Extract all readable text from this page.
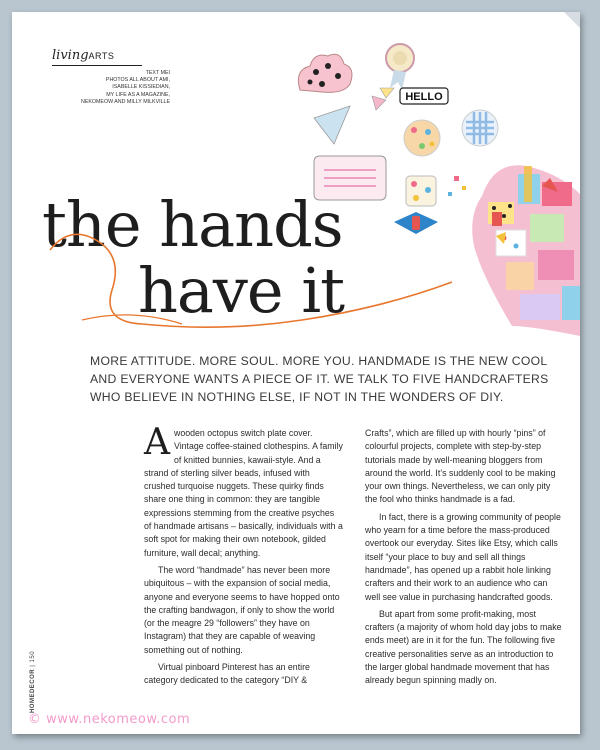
livingARTS
TEXT MEI
PHOTOS ALL ABOUT AMI,
ISABELLE KISSIEDIAN,
MY LIFE AS A MAGAZINE,
NEKOMEOW AND MILLY MILKVILLE	HELLO
the hands
have it
MORE ATTITUDE. MORE SOUL. MORE YOU. HANDMADE IS THE NEW COOL AND EVERYONE WANTS A PIECE OF IT. WE TALK TO FIVE HANDCRAFTERS WHO BELIEVE IN NOTHING ELSE, IF NOT IN THE WONDERS OF DIY.

Awooden octopus switch plate cover. Vintage coffee-stained clothespins. A family of knitted bunnies, kawaii-style. And a strand of sterling silver beads, infused with crushed turquoise nuggets. These quirky finds share one thing in common: they are tangible expressions stemming from the creative psyches of handmade artisans – basically, individuals with a soft spot for making their own notebook, gilded furniture, wall decal; anything.

The word “handmade” has never been more ubiquitous – with the expansion of social media, anyone and everyone seems to have hopped onto the crafting bandwagon, if only to show the world (or the meagre 29 “followers” they have on Instagram) that they are capable of weaving something out of nothing.

Virtual pinboard Pinterest has an entire category dedicated to the category “DIY &

Crafts”, which are filled up with hourly “pins” of colourful projects, complete with step-by-step tutorials made by well-meaning bloggers from around the world. It’s suddenly cool to be making your own things. Nevertheless, we can only pity the fool who thinks handmade is a fad.

In fact, there is a growing community of people who yearn for a time before the mass-produced overtook our everyday. Sites like Etsy, which calls itself “your place to buy and sell all things handmade”, has opened up a rabbit hole linking crafters and their work to an audience who can well see value in purchasing handcrafted goods.

But apart from some profit-making, most crafters (a majority of whom hold day jobs to make ends meet) are in it for the fun. The following five creative personalities serve as an introduction to the larger global handmade movement that has already begun spinning madly on.

HOMEDECOR | 150
© www.nekomeow.com
